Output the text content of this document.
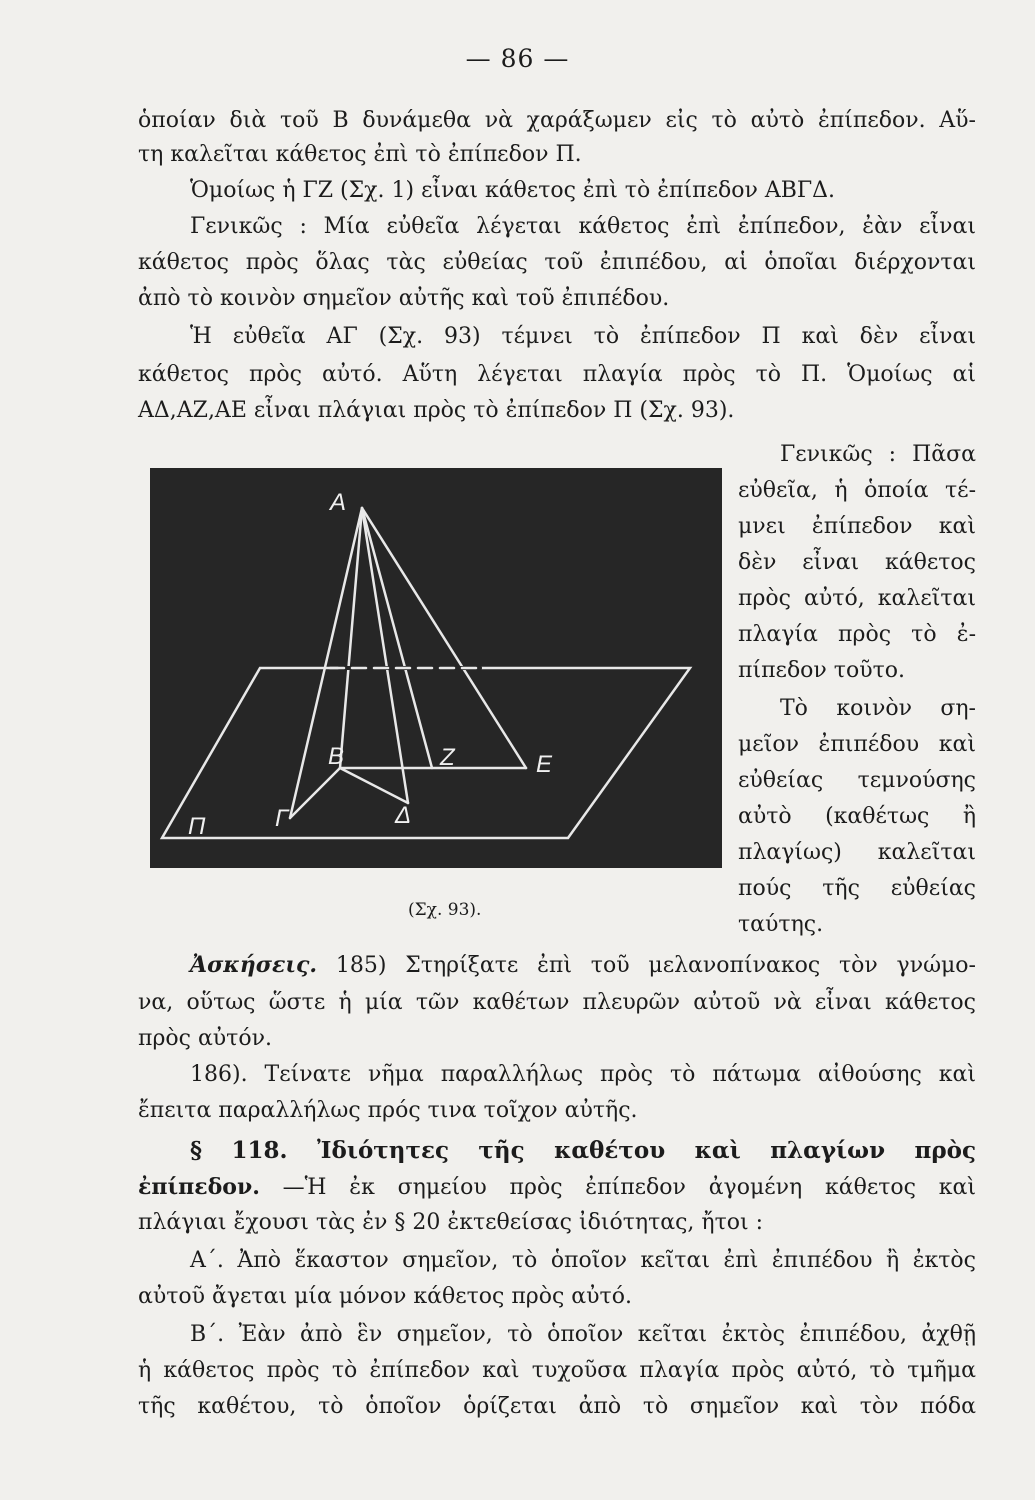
— 86 —
ὁποίαν διὰ τοῦ Β δυνάμεθα νὰ χαράξωμεν εἰς τὸ αὐτὸ ἐπίπεδον. Αὕ-
τη καλεῖται κάθετος ἐπὶ τὸ ἐπίπεδον Π.
Ὁμοίως ἡ ΓΖ (Σχ. 1) εἶναι κάθετος ἐπὶ τὸ ἐπίπεδον ΑΒΓΔ.
Γενικῶς : Μία εὐθεῖα λέγεται κάθετος ἐπὶ ἐπίπεδον, ἐὰν εἶναι
κάθετος πρὸς ὅλας τὰς εὐθείας τοῦ ἐπιπέδου, αἱ ὁποῖαι διέρχονται
ἀπὸ τὸ κοινὸν σημεῖον αὐτῆς καὶ τοῦ ἐπιπέδου.
Ἡ εὐθεῖα ΑΓ (Σχ. 93) τέμνει τὸ ἐπίπεδον Π καὶ δὲν εἶναι
κάθετος πρὸς αὐτό. Αὕτη λέγεται πλαγία πρὸς τὸ Π. Ὁμοίως αἱ
ΑΔ,ΑΖ,ΑΕ εἶναι πλάγιαι πρὸς τὸ ἐπίπεδον Π (Σχ. 93).
Α
Β	Ζ	Ε
Γ	Δ
Π
(Σχ. 93).
Γενικῶς : Πᾶσα
εὐθεῖα, ἡ ὁποία τέ-
μνει ἐπίπεδον καὶ
δὲν εἶναι κάθετος
πρὸς αὐτό, καλεῖται
πλαγία πρὸς τὸ ἐ-
πίπεδον τοῦτο.
Τὸ κοινὸν ση-
μεῖον ἐπιπέδου καὶ
εὐθείας τεμνούσης
αὐτὸ (καθέτως ἢ
πλαγίως) καλεῖται
πούς τῆς εὐθείας
ταύτης.
Ἀσκήσεις. 185) Στηρίξατε ἐπὶ τοῦ μελανοπίνακος τὸν γνώμο-
να, οὕτως ὥστε ἡ μία τῶν καθέτων πλευρῶν αὐτοῦ νὰ εἶναι κάθετος
πρὸς αὐτόν.
186). Τείνατε νῆμα παραλλήλως πρὸς τὸ πάτωμα αἰθούσης καὶ
ἔπειτα παραλλήλως πρός τινα τοῖχον αὐτῆς.
§ 118. Ἰδιότητες τῆς καθέτου καὶ πλαγίων πρὸς
ἐπίπεδον. —Ἡ ἐκ σημείου πρὸς ἐπίπεδον ἀγομένη κάθετος καὶ
πλάγιαι ἔχουσι τὰς ἐν § 20 ἐκτεθείσας ἰδιότητας, ἤτοι :
Α΄. Ἀπὸ ἕκαστον σημεῖον, τὸ ὁποῖον κεῖται ἐπὶ ἐπιπέδου ἢ ἐκτὸς
αὐτοῦ ἄγεται μία μόνον κάθετος πρὸς αὐτό.
Β΄. Ἐὰν ἀπὸ ἓν σημεῖον, τὸ ὁποῖον κεῖται ἐκτὸς ἐπιπέδου, ἀχθῇ
ἡ κάθετος πρὸς τὸ ἐπίπεδον καὶ τυχοῦσα πλαγία πρὸς αὐτό, τὸ τμῆμα
τῆς καθέτου, τὸ ὁποῖον ὁρίζεται ἀπὸ τὸ σημεῖον καὶ τὸν πόδα
